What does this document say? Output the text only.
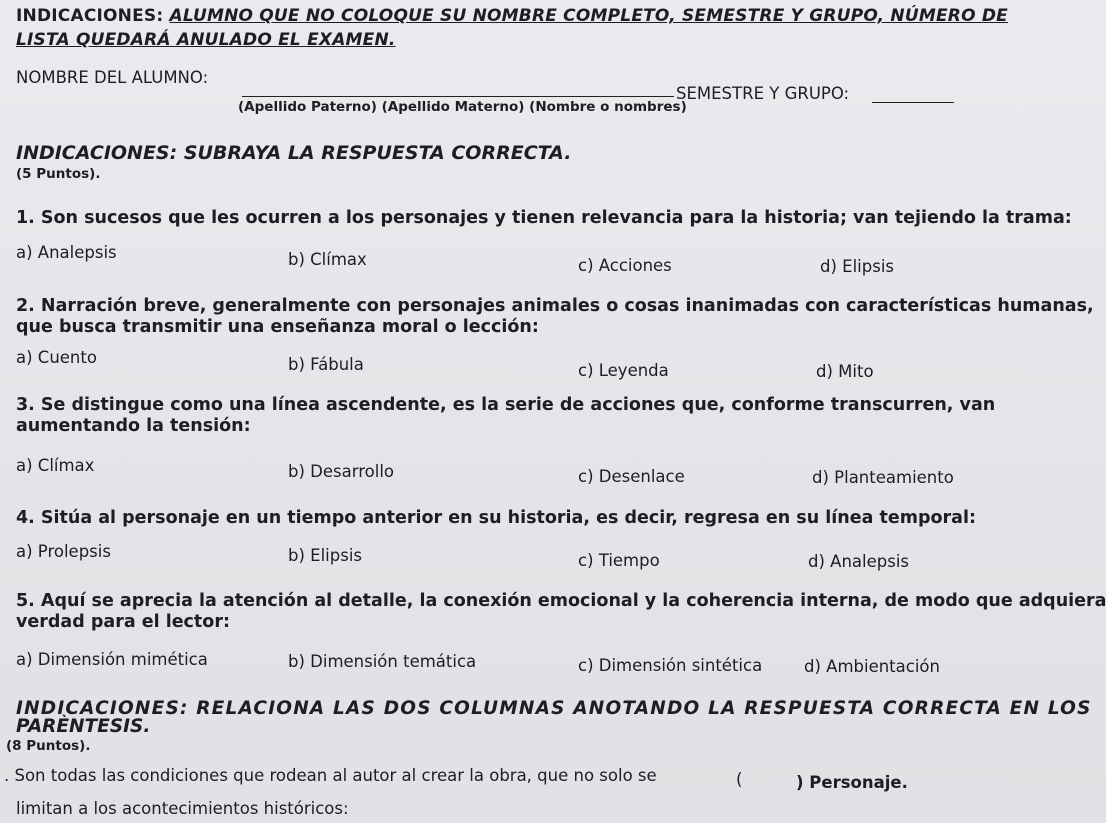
INDICACIONES: ALUMNO QUE NO COLOQUE SU NOMBRE COMPLETO, SEMESTRE Y GRUPO, NÚMERO DE
LISTA QUEDARÁ ANULADO EL EXAMEN.
NOMBRE DEL ALUMNO:
SEMESTRE Y GRUPO:
(Apellido Paterno) (Apellido Materno) (Nombre o nombres)
INDICACIONES: SUBRAYA LA RESPUESTA CORRECTA.
(5 Puntos).
1. Son sucesos que les ocurren a los personajes y tienen relevancia para la historia; van tejiendo la trama:
a) Analepsis	b) Clímax	c) Acciones	d) Elipsis
2. Narración breve, generalmente con personajes animales o cosas inanimadas con características humanas,
que busca transmitir una enseñanza moral o lección:
a) Cuento	b) Fábula	c) Leyenda	d) Mito
3. Se distingue como una línea ascendente, es la serie de acciones que, conforme transcurren, van
aumentando la tensión:
a) Clímax	b) Desarrollo	c) Desenlace	d) Planteamiento
4. Sitúa al personaje en un tiempo anterior en su historia, es decir, regresa en su línea temporal:
a) Prolepsis	b) Elipsis	c) Tiempo	d) Analepsis
5. Aquí se aprecia la atención al detalle, la conexión emocional y la coherencia interna, de modo que adquiera
verdad para el lector:
a) Dimensión mimética	b) Dimensión temática	c) Dimensión sintética	d) Ambientación
INDICACIONES: RELACIONA LAS DOS COLUMNAS ANOTANDO LA RESPUESTA CORRECTA EN LOS
PARÈNTESIS.
(8 Puntos).
. Son todas las condiciones que rodean al autor al crear la obra, que no solo se
limitan a los acontecimientos históricos:
(	) Personaje.
